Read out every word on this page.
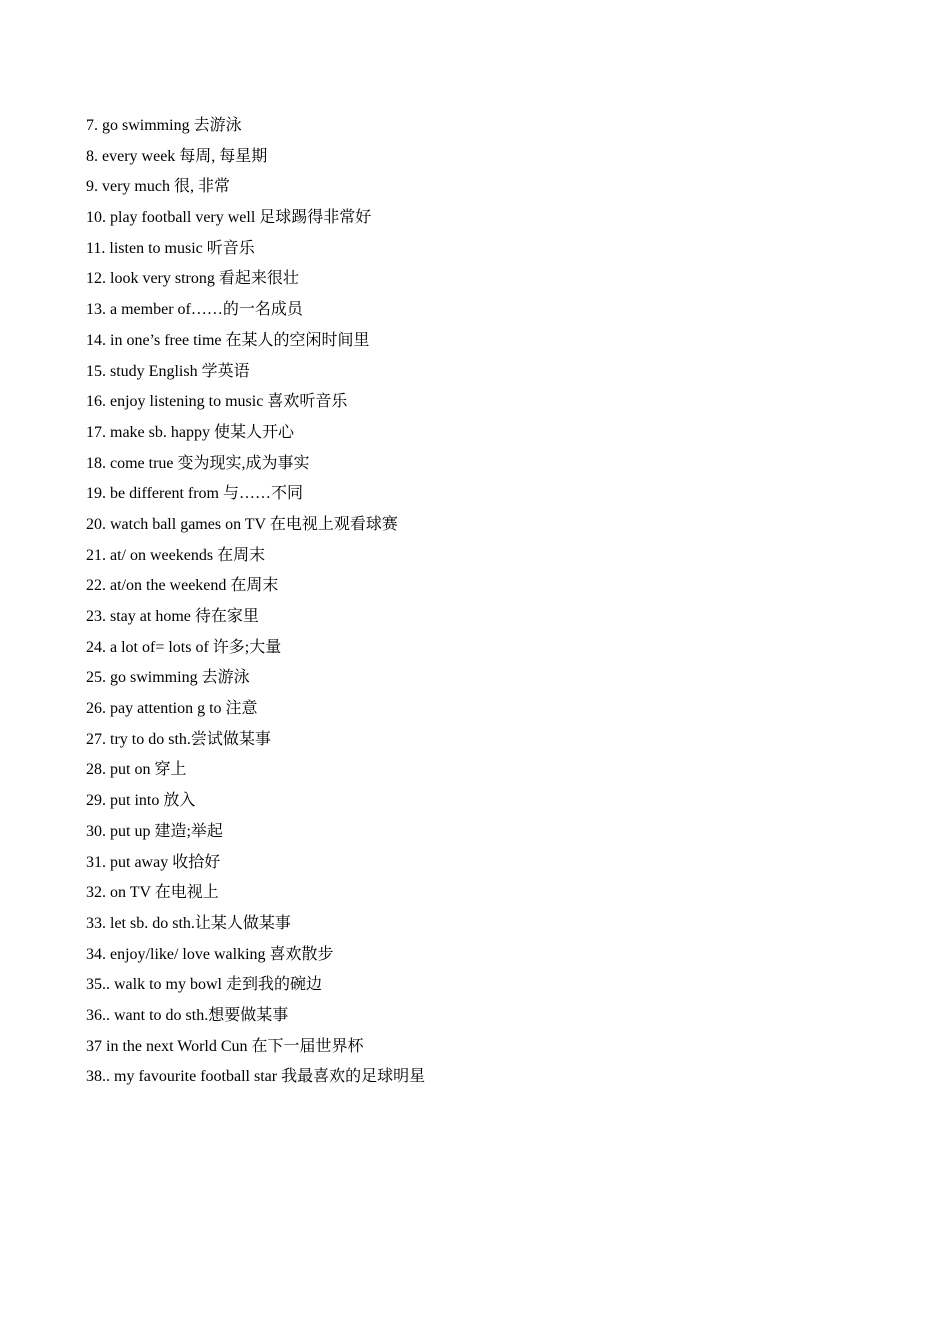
7. go swimming 去游泳
8. every week 每周, 每星期
9. very much 很, 非常
10. play football very well 足球踢得非常好
11. listen to music 听音乐
12. look very strong 看起来很壮
13. a member of……的一名成员
14. in one’s free time 在某人的空闲时间里
15. study English 学英语
16. enjoy listening to music 喜欢听音乐
17. make sb. happy 使某人开心
18. come true 变为现实,成为事实
19. be different from 与……不同
20. watch ball games on TV 在电视上观看球赛
21. at/ on weekends 在周末
22. at/on the weekend 在周末
23. stay at home 待在家里
24. a lot of= lots of 许多;大量
25. go swimming 去游泳
26. pay attention g to 注意
27. try to do sth.尝试做某事
28. put on 穿上
29. put into 放入
30. put up 建造;举起
31. put away 收拾好
32. on TV 在电视上
33. let sb. do sth.让某人做某事
34. enjoy/like/ love walking 喜欢散步
35.. walk to my bowl 走到我的碗边
36.. want to do sth.想要做某事
37 in the next World Cun 在下一届世界杯
38.. my favourite football star 我最喜欢的足球明星
